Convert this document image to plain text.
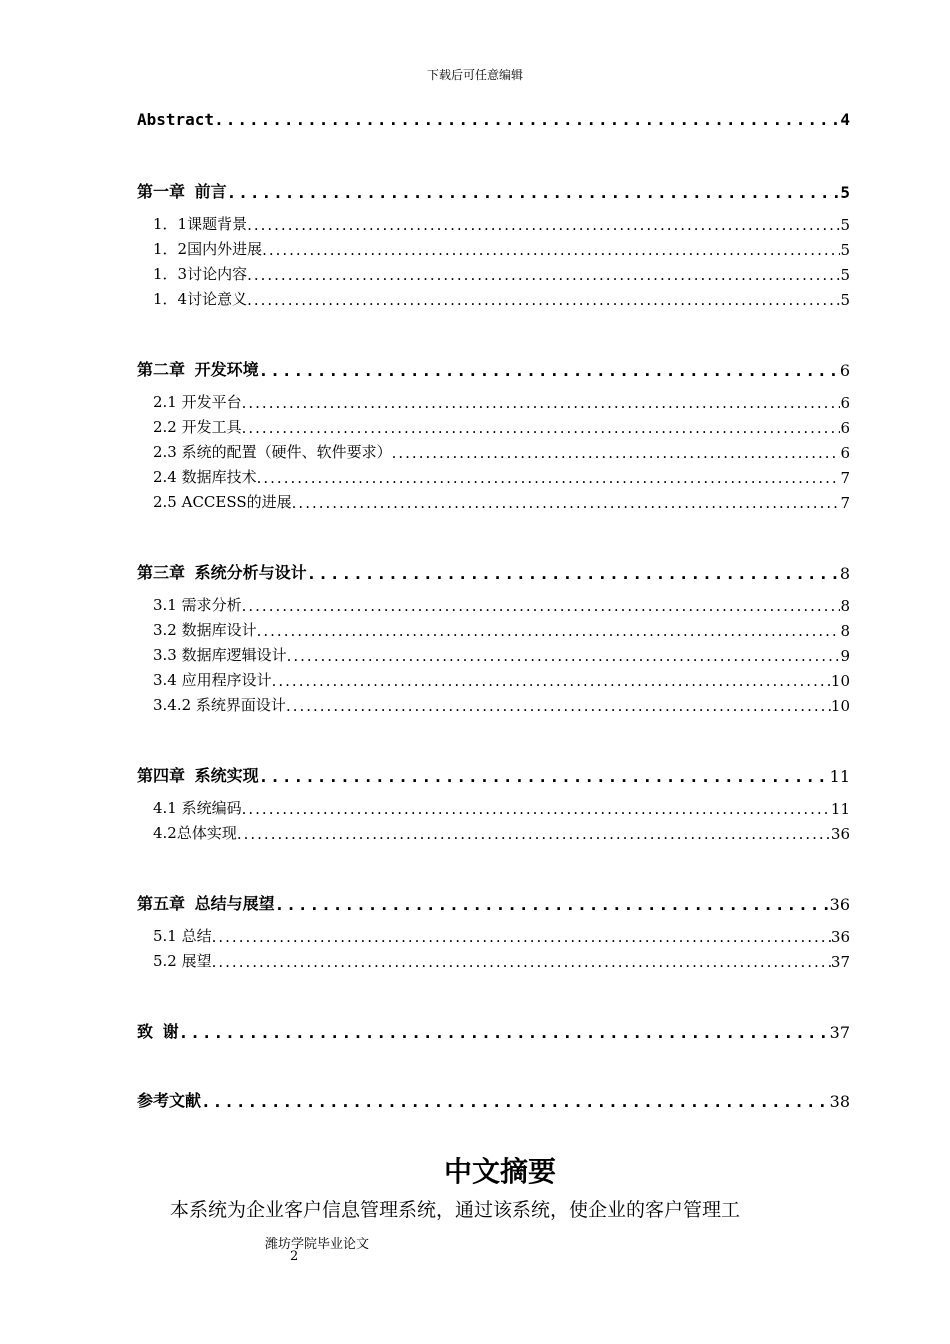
下载后可任意编辑
Abstract .....	4
第一章 前言 .....	5
1．1课题背景 .....	5
1．2国内外进展 .....	5
1．3讨论内容 .....	5
1．4讨论意义 .....	5
第二章 开发环境 .....	6
2.1 开发平台 .....	6
2.2 开发工具 .....	6
2.3 系统的配置（硬件、软件要求） .....	6
2.4 数据库技术 .....	7
2.5 ACCESS的进展 .....	7
第三章 系统分析与设计 .....	8
3.1 需求分析 .....	8
3.2 数据库设计 .....	8
3.3 数据库逻辑设计 .....	9
3.4 应用程序设计 .....	10
3.4.2 系统界面设计 .....	10
第四章 系统实现 .....	11
4.1 系统编码 .....	11
4.2总体实现 .....	36
第五章 总结与展望 .....	36
5.1 总结 .....	36
5.2 展望 .....	37
致 谢 .....	37
参考文献 .....	38
中文摘要
本系统为企业客户信息管理系统，通过该系统，使企业的客户管理工
潍坊学院毕业论文
2
